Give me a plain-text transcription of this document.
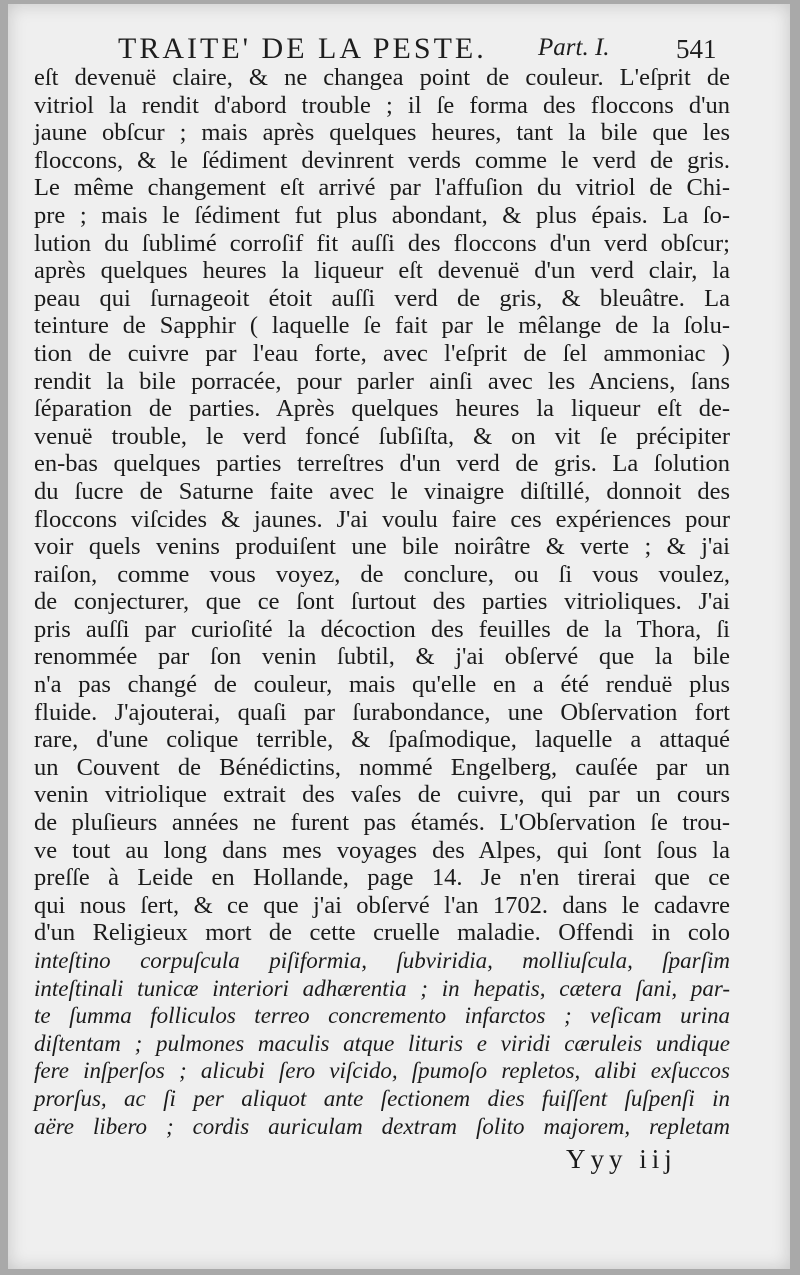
TRAITE' DE LA PESTE. Part. I. 541
eſt devenuë claire, & ne changea point de couleur. L'eſprit de
vitriol la rendit d'abord trouble ; il ſe forma des floccons d'un
jaune obſcur ; mais après quelques heures, tant la bile que les
floccons, & le ſédiment devinrent verds comme le verd de gris.
Le même changement eſt arrivé par l'affuſion du vitriol de Chi-
pre ; mais le ſédiment fut plus abondant, & plus épais. La ſo-
lution du ſublimé corroſif fit auſſi des floccons d'un verd obſcur;
après quelques heures la liqueur eſt devenuë d'un verd clair, la
peau qui ſurnageoit étoit auſſi verd de gris, & bleuâtre. La
teinture de Sapphir ( laquelle ſe fait par le mêlange de la ſolu-
tion de cuivre par l'eau forte, avec l'eſprit de ſel ammoniac )
rendit la bile porracée, pour parler ainſi avec les Anciens, ſans
ſéparation de parties. Après quelques heures la liqueur eſt de-
venuë trouble, le verd foncé ſubſiſta, & on vit ſe précipiter
en-bas quelques parties terreſtres d'un verd de gris. La ſolution
du ſucre de Saturne faite avec le vinaigre diſtillé, donnoit des
floccons viſcides & jaunes. J'ai voulu faire ces expériences pour
voir quels venins produiſent une bile noirâtre & verte ; & j'ai
raiſon, comme vous voyez, de conclure, ou ſi vous voulez,
de conjecturer, que ce ſont ſurtout des parties vitrioliques. J'ai
pris auſſi par curioſité la décoction des feuilles de la Thora, ſi
renommée par ſon venin ſubtil, & j'ai obſervé que la bile
n'a pas changé de couleur, mais qu'elle en a été renduë plus
fluide. J'ajouterai, quaſi par ſurabondance, une Obſervation fort
rare, d'une colique terrible, & ſpaſmodique, laquelle a attaqué
un Couvent de Bénédictins, nommé Engelberg, cauſée par un
venin vitriolique extrait des vaſes de cuivre, qui par un cours
de pluſieurs années ne furent pas étamés. L'Obſervation ſe trou-
ve tout au long dans mes voyages des Alpes, qui ſont ſous la
preſſe à Leide en Hollande, page 14. Je n'en tirerai que ce
qui nous ſert, & ce que j'ai obſervé l'an 1702. dans le cadavre
d'un Religieux mort de cette cruelle maladie. Offendi in colo
inteſtino corpuſcula piſiformia, ſubviridia, molliuſcula, ſparſim
inteſtinali tunicæ interiori adhærentia ; in hepatis, cætera ſani, par-
te ſumma folliculos terreo concremento infarctos ; veſicam urina
diſtentam ; pulmones maculis atque lituris e viridi cæruleis undique
fere inſperſos ; alicubi ſero viſcido, ſpumoſo repletos, alibi exſuccos
prorſus, ac ſi per aliquot ante ſectionem dies fuiſſent ſuſpenſi in
aëre libero ; cordis auriculam dextram ſolito majorem, repletam
Yyy iij
